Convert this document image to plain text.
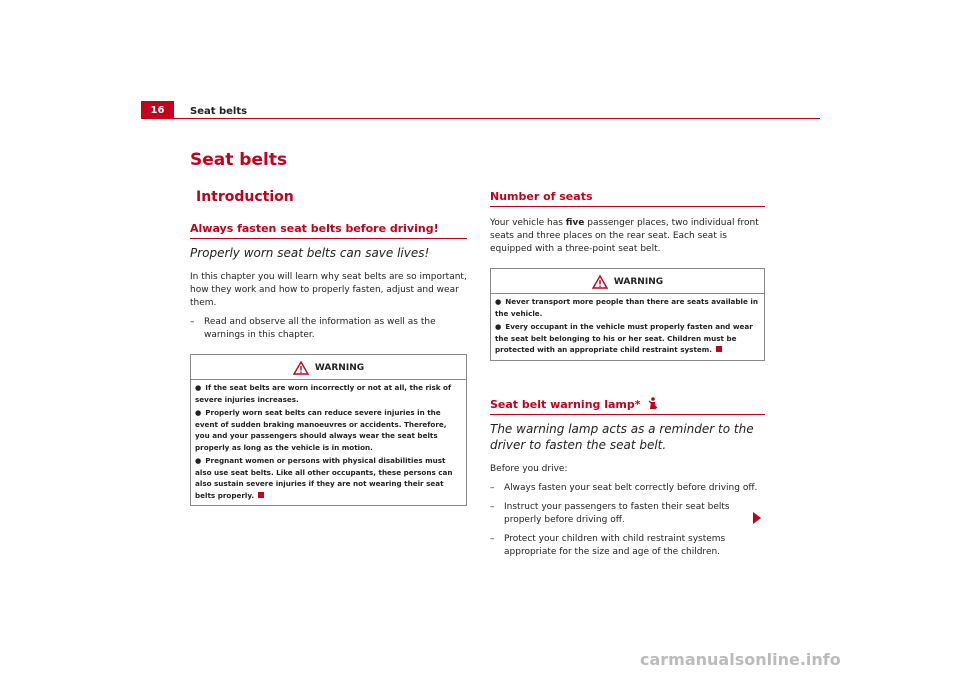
16	Seat belts
Seat belts
Introduction
Always fasten seat belts before driving!

Properly worn seat belts can save lives!

In this chapter you will learn why seat belts are so important, how they work and how to properly fasten, adjust and wear them.

–	Read and observe all the information as well as the warnings in this chapter.
WARNING
● If the seat belts are worn incorrectly or not at all, the risk of severe injuries increases.
● Properly worn seat belts can reduce severe injuries in the event of sudden braking manoeuvres or accidents. Therefore, you and your passengers should always wear the seat belts properly as long as the vehicle is in motion.
● Pregnant women or persons with physical disabilities must also use seat belts. Like all other occupants, these persons can also sustain severe injuries if they are not wearing their seat belts properly.
Number of seats

Your vehicle has five passenger places, two individual front seats and three places on the rear seat. Each seat is equipped with a three-point seat belt.

WARNING
● Never transport more people than there are seats available in the vehicle.
● Every occupant in the vehicle must properly fasten and wear the seat belt belonging to his or her seat. Children must be protected with an appropriate child restraint system.
Seat belt warning lamp*

The warning lamp acts as a reminder to the driver to fasten the seat belt.

Before you drive:

–	Always fasten your seat belt correctly before driving off.
–	Instruct your passengers to fasten their seat belts properly before driving off.
–	Protect your children with child restraint systems appropriate for the size and age of the children.
carmanualsonline.info
